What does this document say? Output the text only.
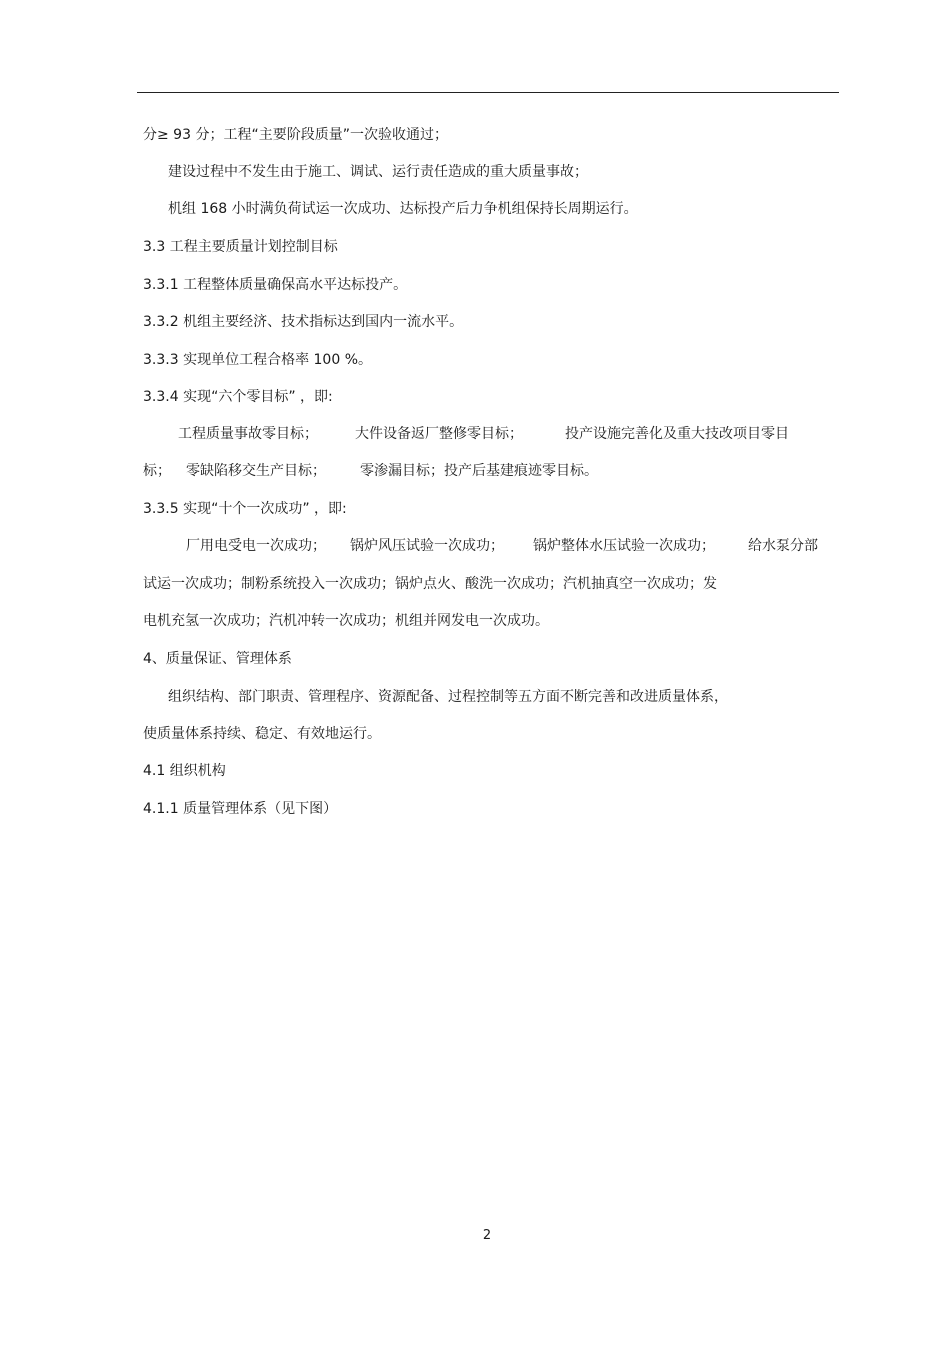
分≥ 93 分；工程“主要阶段质量”一次验收通过；
建设过程中不发生由于施工、调试、运行责任造成的重大质量事故；
机组 168 小时满负荷试运一次成功、达标投产后力争机组保持长周期运行。
3.3 工程主要质量计划控制目标
3.3.1 工程整体质量确保高水平达标投产。
3.3.2 机组主要经济、技术指标达到国内一流水平。
3.3.3 实现单位工程合格率 100 %。
3.3.4 实现“六个零目标” ，即:
工程质量事故零目标；	大件设备返厂整修零目标；	投产设施完善化及重大技改项目零目
标； 零缺陷移交生产目标； 零渗漏目标；投产后基建痕迹零目标。
3.3.5 实现“十个一次成功” ，即:
厂用电受电一次成功； 锅炉风压试验一次成功； 锅炉整体水压试验一次成功； 给水泵分部
试运一次成功；制粉系统投入一次成功；锅炉点火、酸洗一次成功；汽机抽真空一次成功；发
电机充氢一次成功；汽机冲转一次成功；机组并网发电一次成功。
4、质量保证、管理体系
组织结构、部门职责、管理程序、资源配备、过程控制等五方面不断完善和改进质量体系，
使质量体系持续、稳定、有效地运行。
4.1 组织机构
4.1.1 质量管理体系（见下图）
2
